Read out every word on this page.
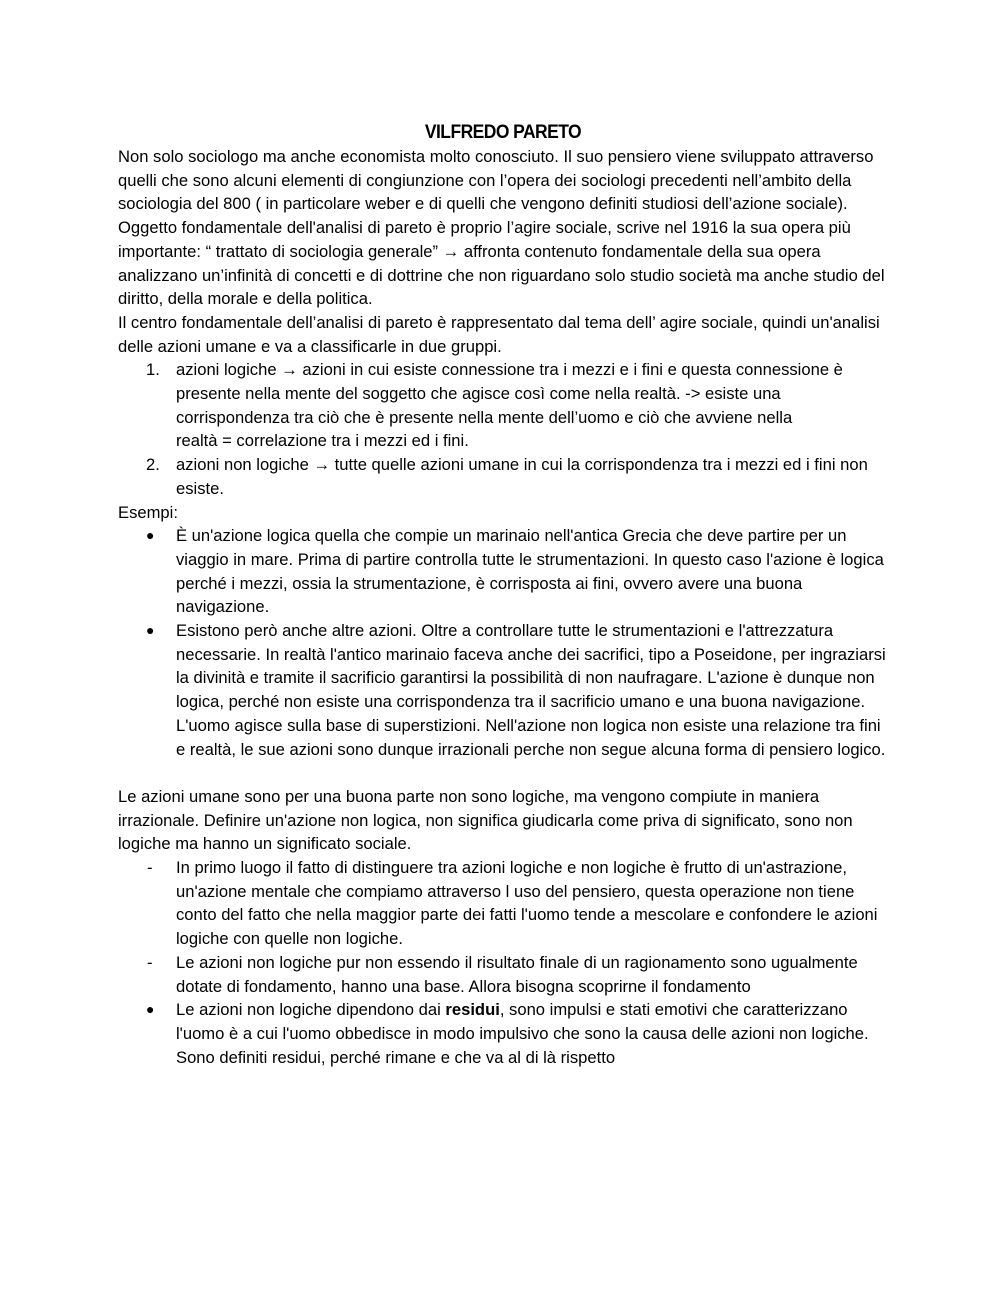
VILFREDO PARETO

Non solo sociologo ma anche economista molto conosciuto. Il suo pensiero viene sviluppato attraverso quelli che sono alcuni elementi di congiunzione con l’opera dei sociologi precedenti nell’ambito della sociologia del 800 ( in particolare weber e di quelli che vengono definiti studiosi dell’azione sociale).

Oggetto fondamentale dell'analisi di pareto è proprio l’agire sociale, scrive nel 1916 la sua opera più importante: “ trattato di sociologia generale” → affronta contenuto fondamentale della sua opera analizzano un’infinità di concetti e di dottrine che non riguardano solo studio società ma anche studio del diritto, della morale e della politica.

Il centro fondamentale dell’analisi di pareto è rappresentato dal tema dell’ agire sociale, quindi un'analisi delle azioni umane e va a classificarle in due gruppi.

1. azioni logiche → azioni in cui esiste connessione tra i mezzi e i fini e questa connessione è presente nella mente del soggetto che agisce così come nella realtà. -> esiste una corrispondenza tra ciò che è presente nella mente dell’uomo e ciò che avviene nella
realtà = correlazione tra i mezzi ed i fini.
2. azioni non logiche → tutte quelle azioni umane in cui la corrispondenza tra i mezzi ed i fini non esiste.

Esempi:

●	È un'azione logica quella che compie un marinaio nell'antica Grecia che deve partire per un viaggio in mare. Prima di partire controlla tutte le strumentazioni. In questo caso l'azione è logica perché i mezzi, ossia la strumentazione, è corrisposta ai fini, ovvero avere una buona navigazione.
●	Esistono però anche altre azioni. Oltre a controllare tutte le strumentazioni e l'attrezzatura necessarie. In realtà l'antico marinaio faceva anche dei sacrifici, tipo a Poseidone, per ingraziarsi la divinità e tramite il sacrificio garantirsi la possibilità di non naufragare. L'azione è dunque non logica, perché non esiste una corrispondenza tra il sacrificio umano e una buona navigazione. L'uomo agisce sulla base di superstizioni. Nell'azione non logica non esiste una relazione tra fini e realtà, le sue azioni sono dunque irrazionali perche non segue alcuna forma di pensiero logico.

Le azioni umane sono per una buona parte non sono logiche, ma vengono compiute in maniera irrazionale. Definire un'azione non logica, non significa giudicarla come priva di significato, sono non logiche ma hanno un significato sociale.

-	In primo luogo il fatto di distinguere tra azioni logiche e non logiche è frutto di un'astrazione, un'azione mentale che compiamo attraverso l uso del pensiero, questa operazione non tiene conto del fatto che nella maggior parte dei fatti l'uomo tende a mescolare e confondere le azioni logiche con quelle non logiche.
-	Le azioni non logiche pur non essendo il risultato finale di un ragionamento sono ugualmente dotate di fondamento, hanno una base. Allora bisogna scoprirne il fondamento
●	Le azioni non logiche dipendono dai residui, sono impulsi e stati emotivi che caratterizzano l'uomo è a cui l'uomo obbedisce in modo impulsivo che sono la causa delle azioni non logiche. Sono definiti residui, perché rimane e che va al di là rispetto
